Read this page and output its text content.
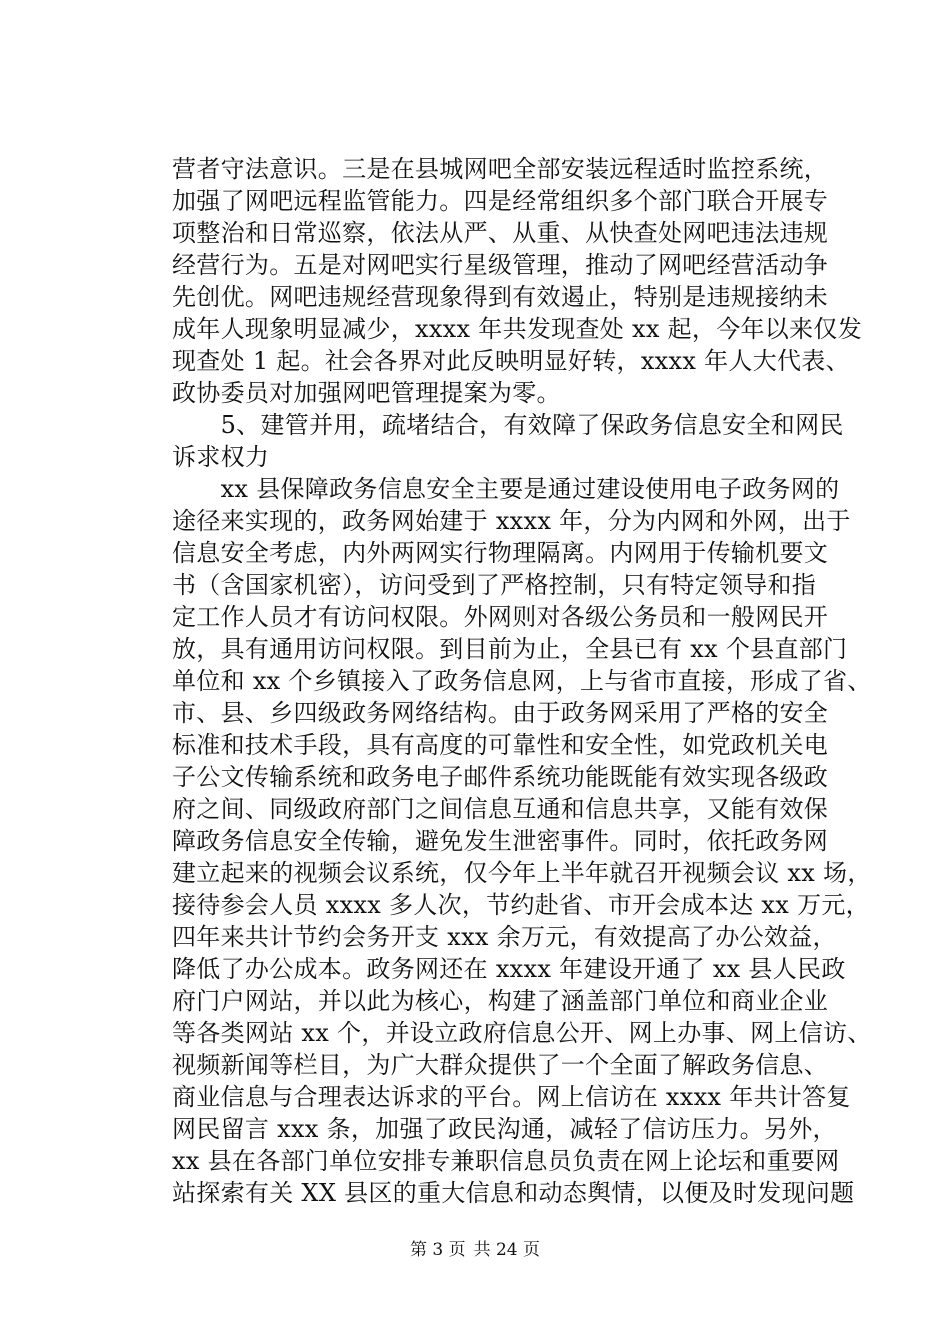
营者守法意识。三是在县城网吧全部安装远程适时监控系统，
加强了网吧远程监管能力。四是经常组织多个部门联合开展专
项整治和日常巡察，依法从严、从重、从快查处网吧违法违规
经营行为。五是对网吧实行星级管理，推动了网吧经营活动争
先创优。网吧违规经营现象得到有效遏止，特别是违规接纳未
成年人现象明显减少，xxxx 年共发现查处 xx 起，今年以来仅发
现查处 1 起。社会各界对此反映明显好转，xxxx 年人大代表、
政协委员对加强网吧管理提案为零。
　　5、建管并用，疏堵结合，有效障了保政务信息安全和网民
诉求权力
　　xx 县保障政务信息安全主要是通过建设使用电子政务网的
途径来实现的，政务网始建于 xxxx 年，分为内网和外网，出于
信息安全考虑，内外两网实行物理隔离。内网用于传输机要文
书（含国家机密），访问受到了严格控制，只有特定领导和指
定工作人员才有访问权限。外网则对各级公务员和一般网民开
放，具有通用访问权限。到目前为止，全县已有 xx 个县直部门
单位和 xx 个乡镇接入了政务信息网，上与省市直接，形成了省、
市、县、乡四级政务网络结构。由于政务网采用了严格的安全
标准和技术手段，具有高度的可靠性和安全性，如党政机关电
子公文传输系统和政务电子邮件系统功能既能有效实现各级政
府之间、同级政府部门之间信息互通和信息共享，又能有效保
障政务信息安全传输，避免发生泄密事件。同时，依托政务网
建立起来的视频会议系统，仅今年上半年就召开视频会议 xx 场，
接待参会人员 xxxx 多人次，节约赴省、市开会成本达 xx 万元，
四年来共计节约会务开支 xxx 余万元，有效提高了办公效益，
降低了办公成本。政务网还在 xxxx 年建设开通了 xx 县人民政
府门户网站，并以此为核心，构建了涵盖部门单位和商业企业
等各类网站 xx 个，并设立政府信息公开、网上办事、网上信访、
视频新闻等栏目，为广大群众提供了一个全面了解政务信息、
商业信息与合理表达诉求的平台。网上信访在 xxxx 年共计答复
网民留言 xxx 条，加强了政民沟通，减轻了信访压力。另外，
xx 县在各部门单位安排专兼职信息员负责在网上论坛和重要网
站探索有关 XX 县区的重大信息和动态舆情，以便及时发现问题
第 3 页 共 24 页
